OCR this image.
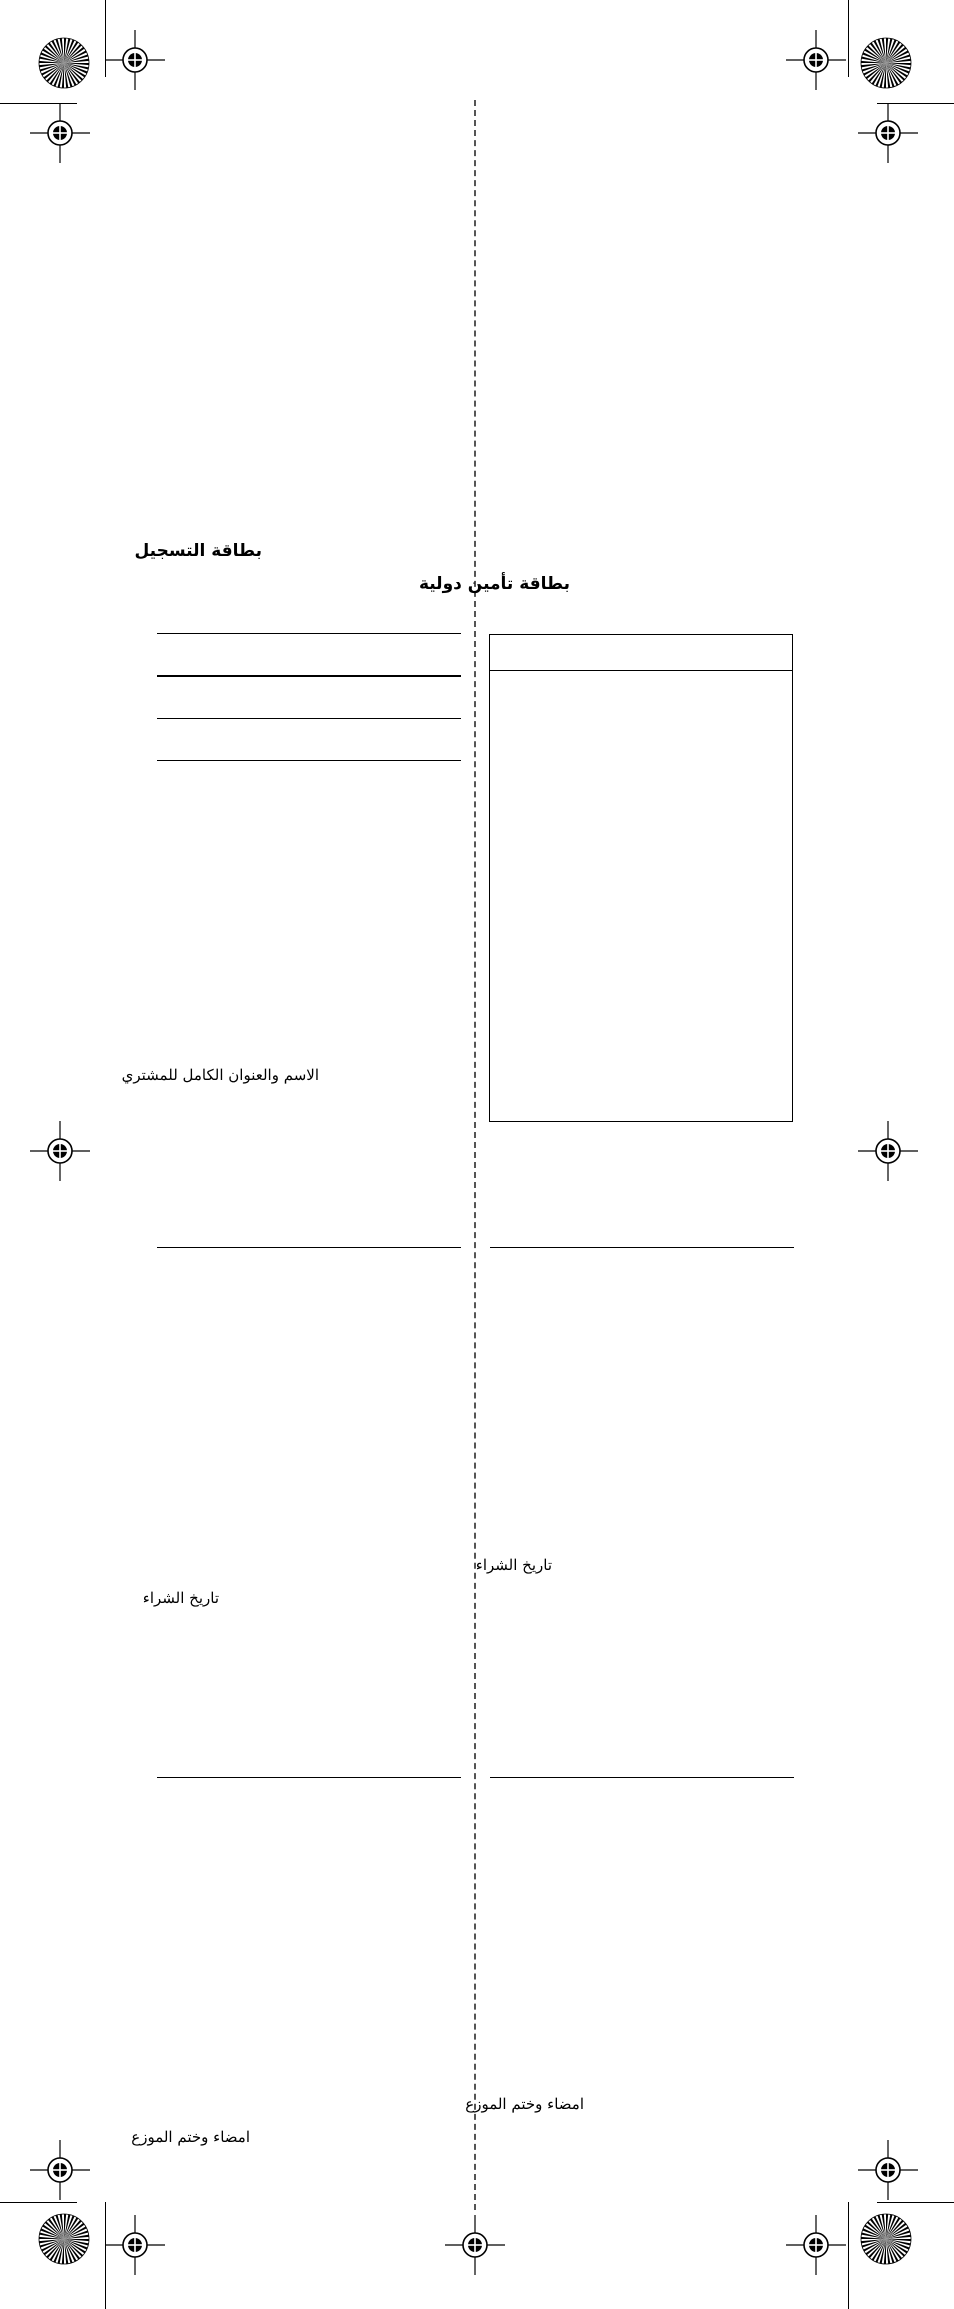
بطاقة التسجيل
الاسم والعنوان الكامل للمشتري
تاريخ الشراء
امضاء وختم الموزع
بطاقة تأمين دولية
تاريخ الشراء
امضاء وختم الموزع
